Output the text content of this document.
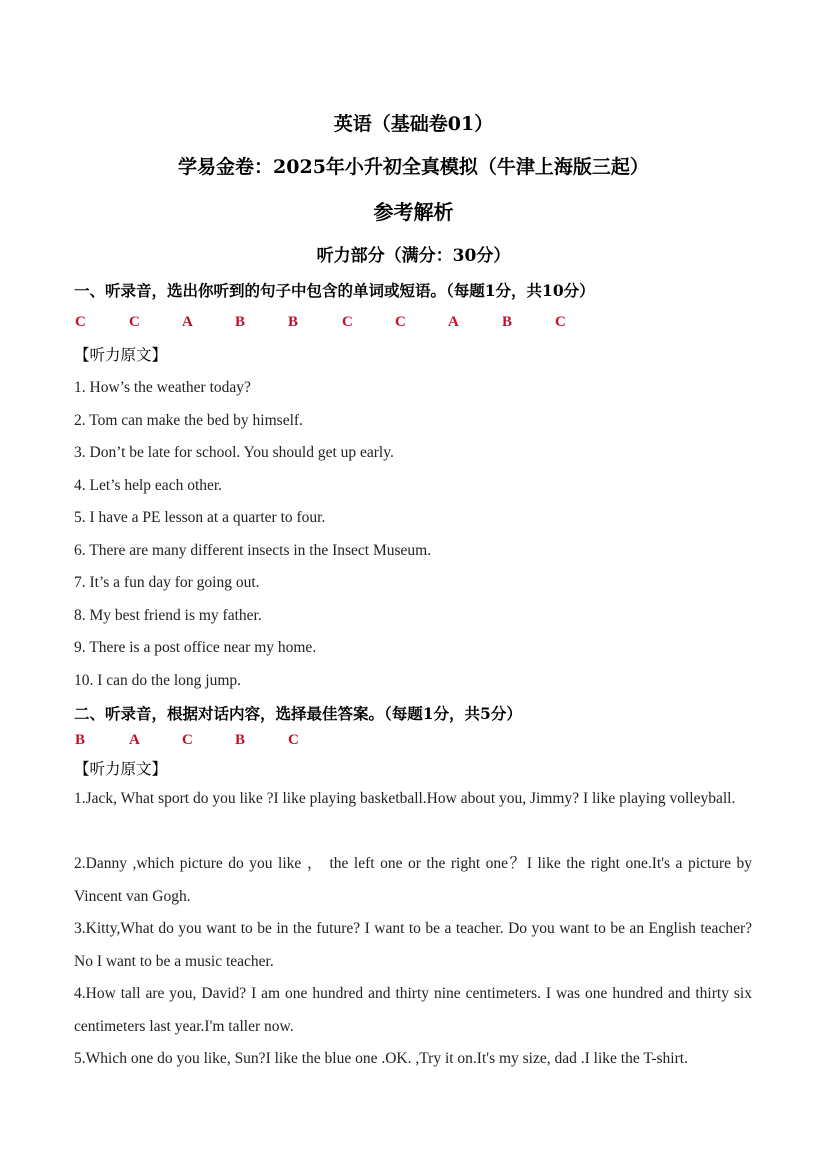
英语（基础卷01）
学易金卷：2025年小升初全真模拟（牛津上海版三起）
参考解析
听力部分（满分：30分）
一、听录音，选出你听到的句子中包含的单词或短语。（每题1分，共10分）
C	C	A	B	B	C	C	A	B	C
【听力原文】
1. How’s the weather today?
2. Tom can make the bed by himself.
3. Don’t be late for school. You should get up early.
4. Let’s help each other.
5. I have a PE lesson at a quarter to four.
6. There are many different insects in the Insect Museum.
7. It’s a fun day for going out.
8. My best friend is my father.
9. There is a post office near my home.
10. I can do the long jump.
二、听录音，根据对话内容，选择最佳答案。（每题1分，共5分）
B	A	C	B	C
【听力原文】
1.Jack, What sport do you like ?I like playing basketball.How about you, Jimmy? I like playing volleyball.
2.Danny ,which picture do you like ， the left one or the right one？I like the right one.It's a picture by Vincent van Gogh.
3.Kitty,What do you want to be in the future? I want to be a teacher. Do you want to be an English teacher? No I want to be a music teacher.
4.How tall are you, David? I am one hundred and thirty nine centimeters. I was one hundred and thirty six centimeters last year.I'm taller now.
5.Which one do you like, Sun?I like the blue one .OK. ,Try it on.It's my size, dad .I like the T-shirt.
